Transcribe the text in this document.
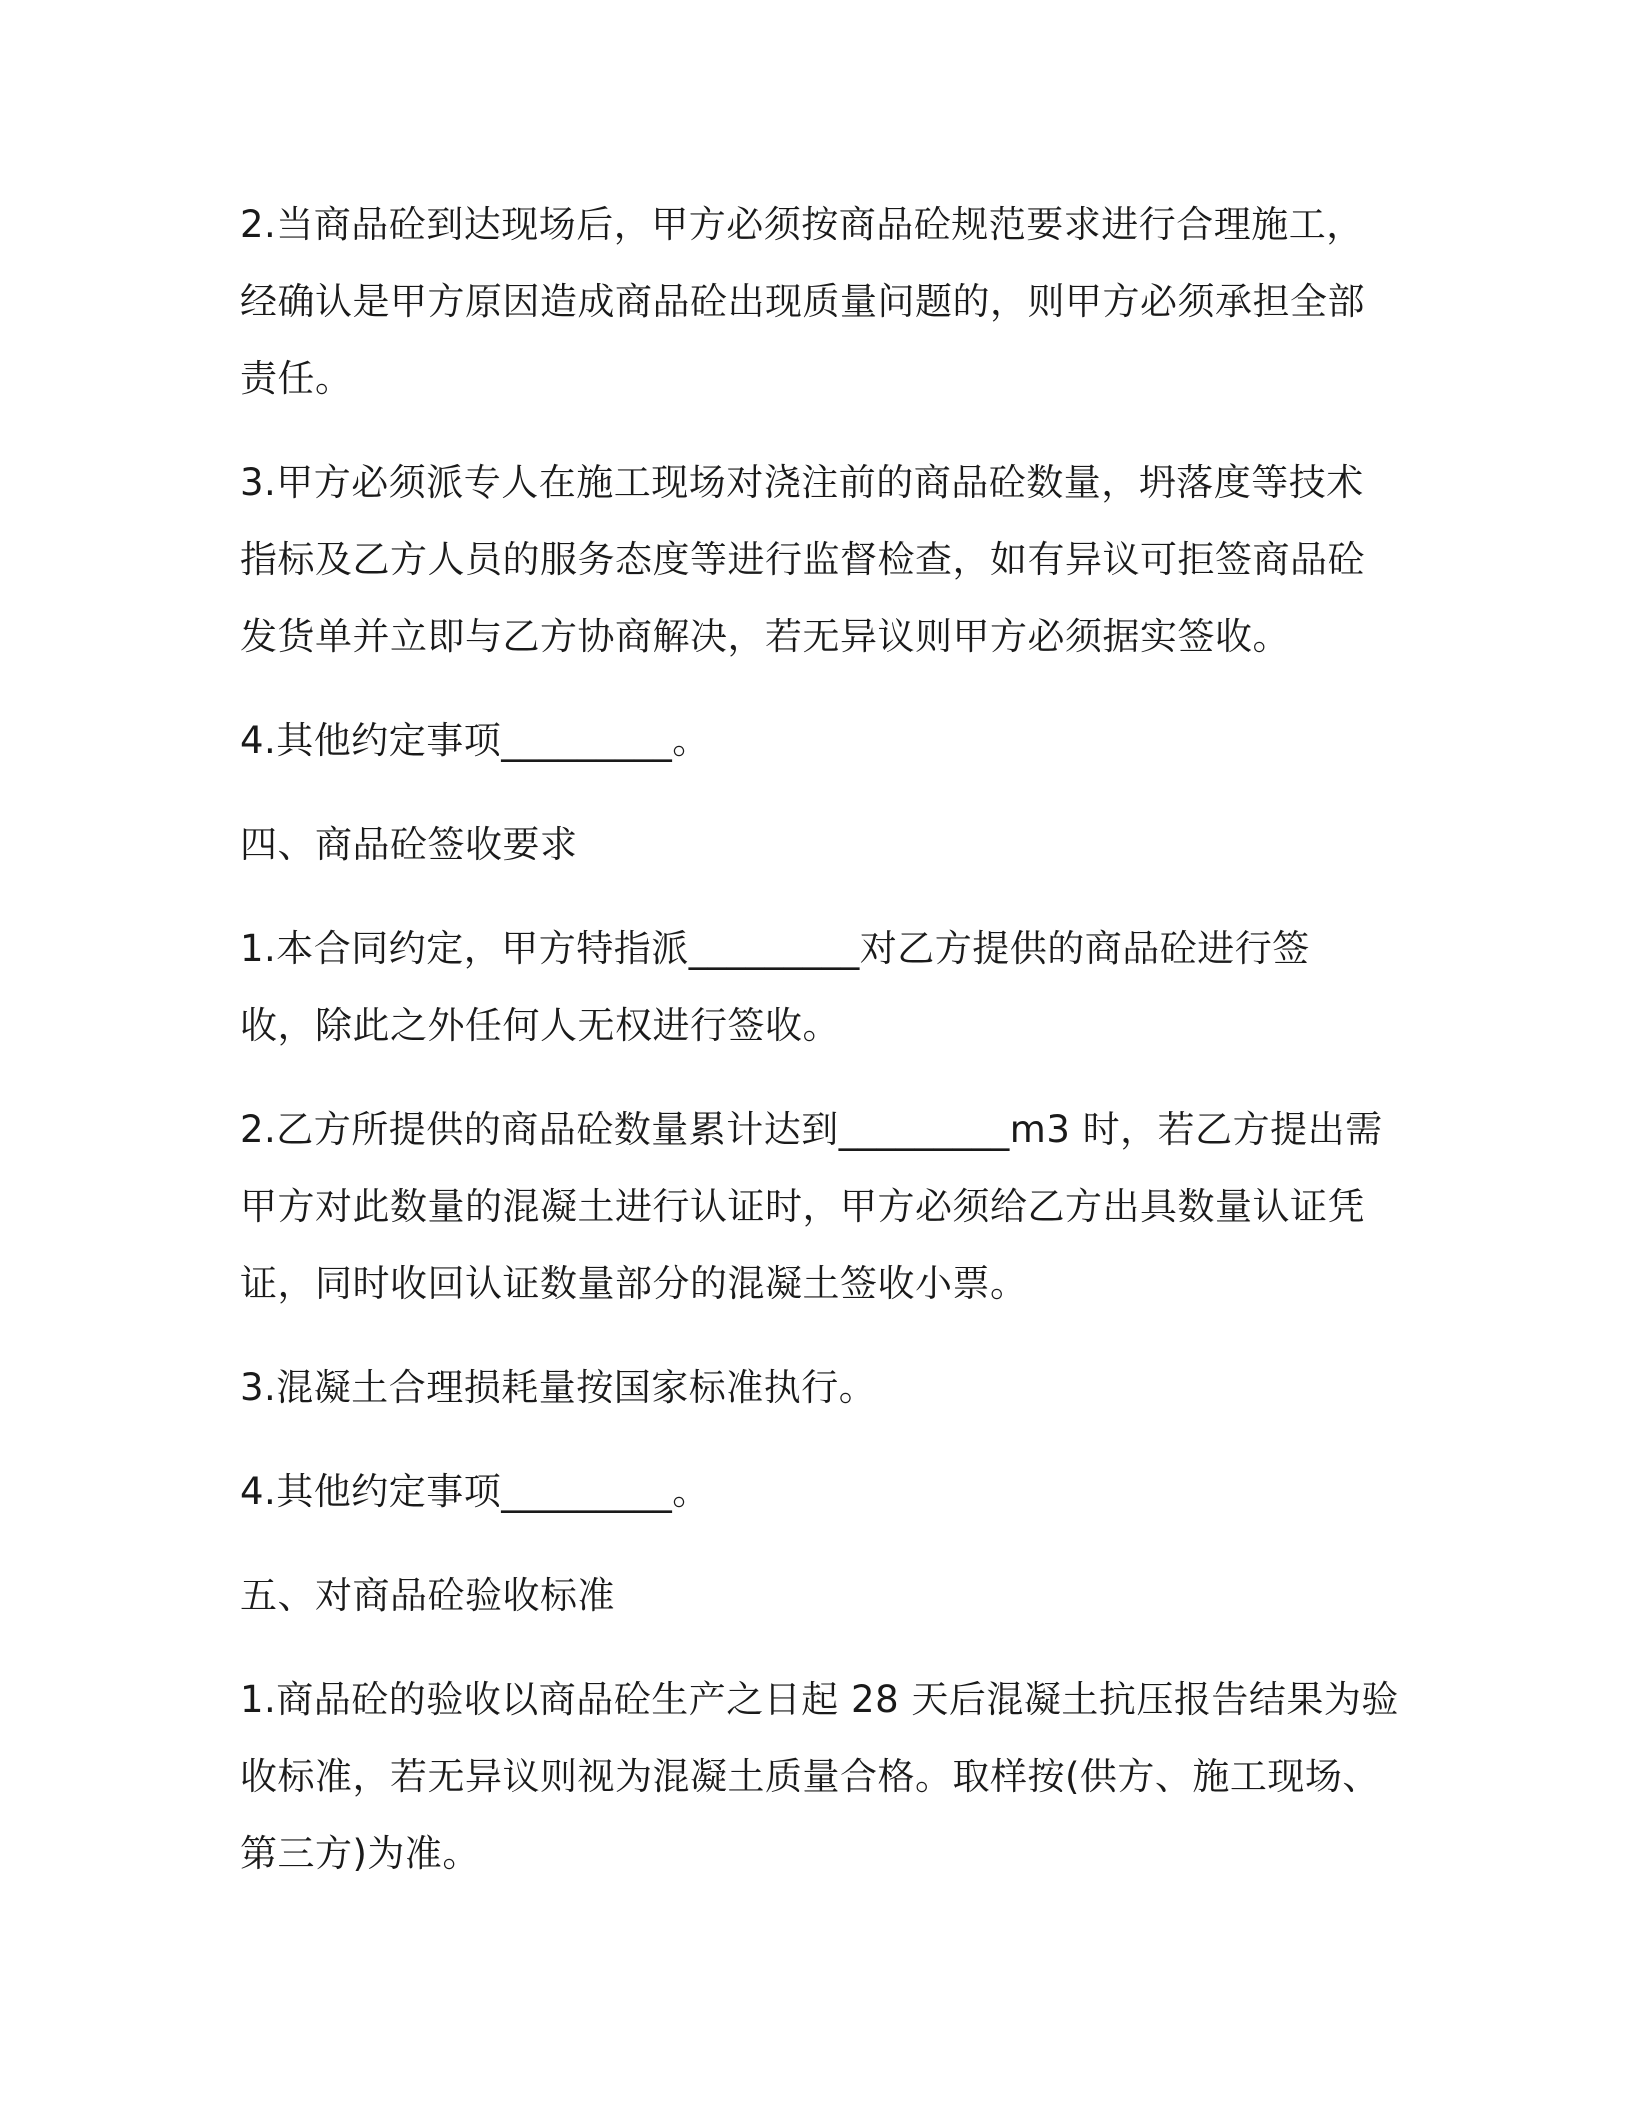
2.当商品砼到达现场后，甲方必须按商品砼规范要求进行合理施工，
经确认是甲方原因造成商品砼出现质量问题的，则甲方必须承担全部
责任。

3.甲方必须派专人在施工现场对浇注前的商品砼数量，坍落度等技术
指标及乙方人员的服务态度等进行监督检查，如有异议可拒签商品砼
发货单并立即与乙方协商解决，若无异议则甲方必须据实签收。

4.其他约定事项_________。

四、商品砼签收要求

1.本合同约定，甲方特指派_________对乙方提供的商品砼进行签
收，除此之外任何人无权进行签收。

2.乙方所提供的商品砼数量累计达到_________m3 时，若乙方提出需
甲方对此数量的混凝土进行认证时，甲方必须给乙方出具数量认证凭
证，同时收回认证数量部分的混凝土签收小票。

3.混凝土合理损耗量按国家标准执行。

4.其他约定事项_________。

五、对商品砼验收标准

1.商品砼的验收以商品砼生产之日起 28 天后混凝土抗压报告结果为验
收标准，若无异议则视为混凝土质量合格。取样按(供方、施工现场、
第三方)为准。
